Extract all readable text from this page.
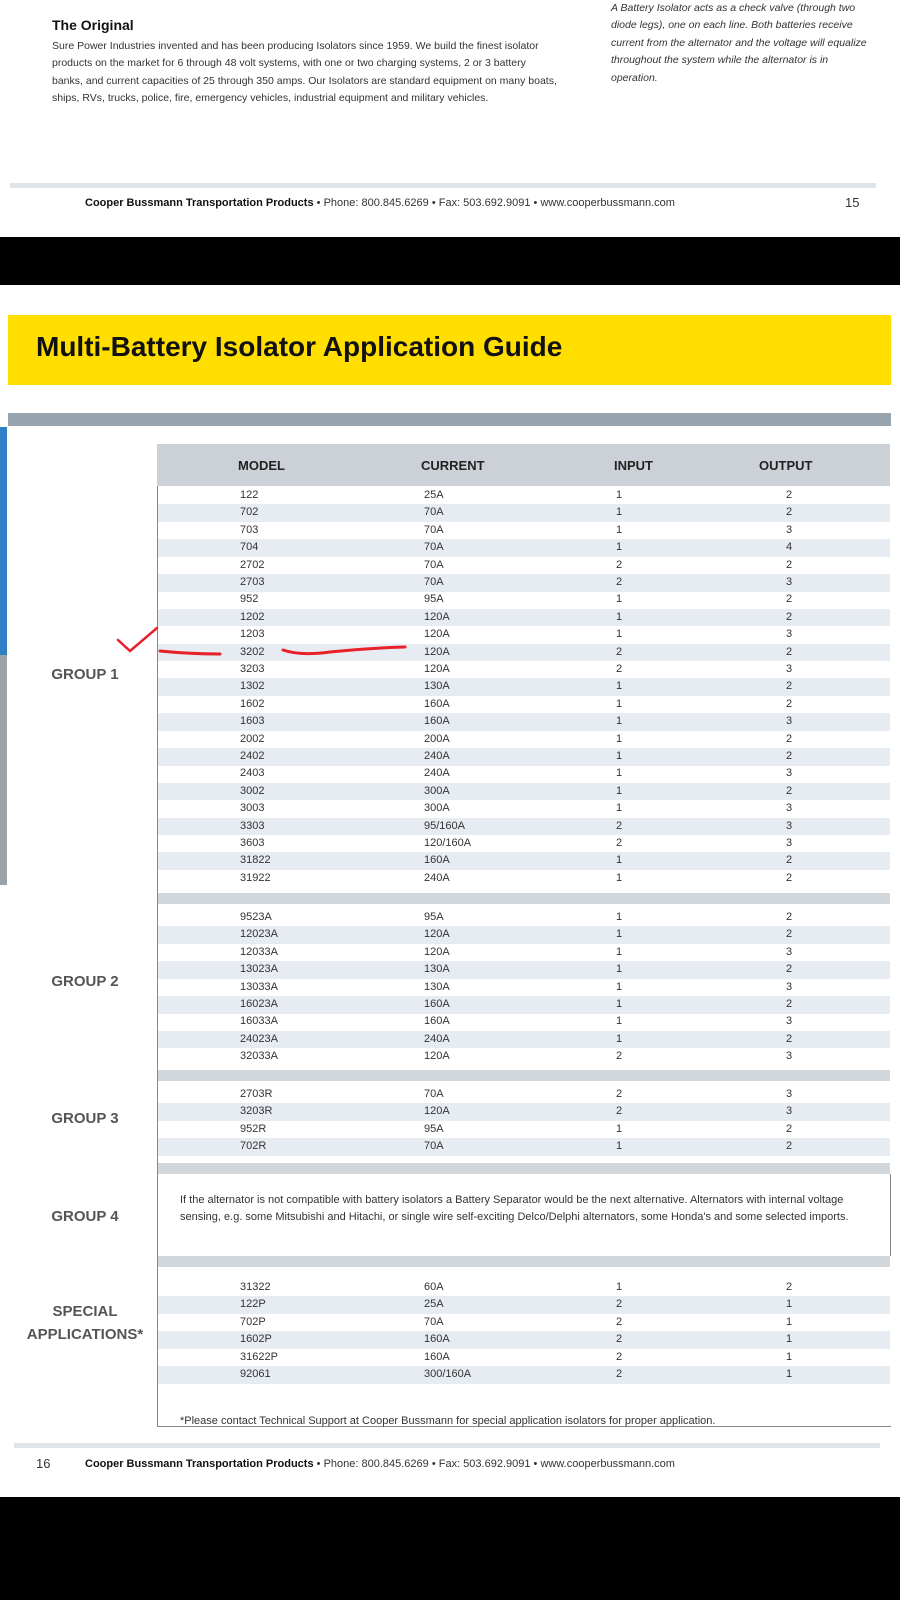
The Original
Sure Power Industries invented and has been producing Isolators since 1959. We build the finest isolator products on the market for 6 through 48 volt systems, with one or two charging systems, 2 or 3 battery banks, and current capacities of 25 through 350 amps. Our Isolators are standard equipment on many boats, ships, RVs, trucks, police, fire, emergency vehicles, industrial equipment and military vehicles.
A Battery Isolator acts as a check valve (through two diode legs), one on each line. Both batteries receive current from the alternator and the voltage will equalize throughout the system while the alternator is in operation.
Cooper Bussmann Transportation Products • Phone: 800.845.6269 • Fax: 503.692.9091 • www.cooperbussmann.com	15
Multi-Battery Isolator Application Guide
MODEL	CURRENT	INPUT	OUTPUT
122	25A	1	2
702	70A	1	2
703	70A	1	3
704	70A	1	4
2702	70A	2	2
2703	70A	2	3
952	95A	1	2
1202	120A	1	2
1203	120A	1	3
3202	120A	2	2
3203	120A	2	3
1302	130A	1	2
1602	160A	1	2
1603	160A	1	3
2002	200A	1	2
2402	240A	1	2
2403	240A	1	3
3002	300A	1	2
3003	300A	1	3
3303	95/160A	2	3
3603	120/160A	2	3
31822	160A	1	2
31922	240A	1	2
9523A	95A	1	2
12023A	120A	1	2
12033A	120A	1	3
13023A	130A	1	2
13033A	130A	1	3
16023A	160A	1	2
16033A	160A	1	3
24023A	240A	1	2
32033A	120A	2	3
2703R	70A	2	3
3203R	120A	2	3
952R	95A	1	2
702R	70A	1	2
31322	60A	1	2
122P	25A	2	1
702P	70A	2	1
1602P	160A	2	1
31622P	160A	2	1
92061	300/160A	2	1
GROUP 1
GROUP 2
GROUP 3
GROUP 4
SPECIAL
APPLICATIONS*
If the alternator is not compatible with battery isolators a Battery Separator would be the next alternative. Alternators with internal voltage sensing, e.g. some Mitsubishi and Hitachi, or single wire self-exciting Delco/Delphi alternators, some Honda's and some selected imports.
*Please contact Technical Support at Cooper Bussmann for special application isolators for proper application.
16	Cooper Bussmann Transportation Products • Phone: 800.845.6269 • Fax: 503.692.9091 • www.cooperbussmann.com
